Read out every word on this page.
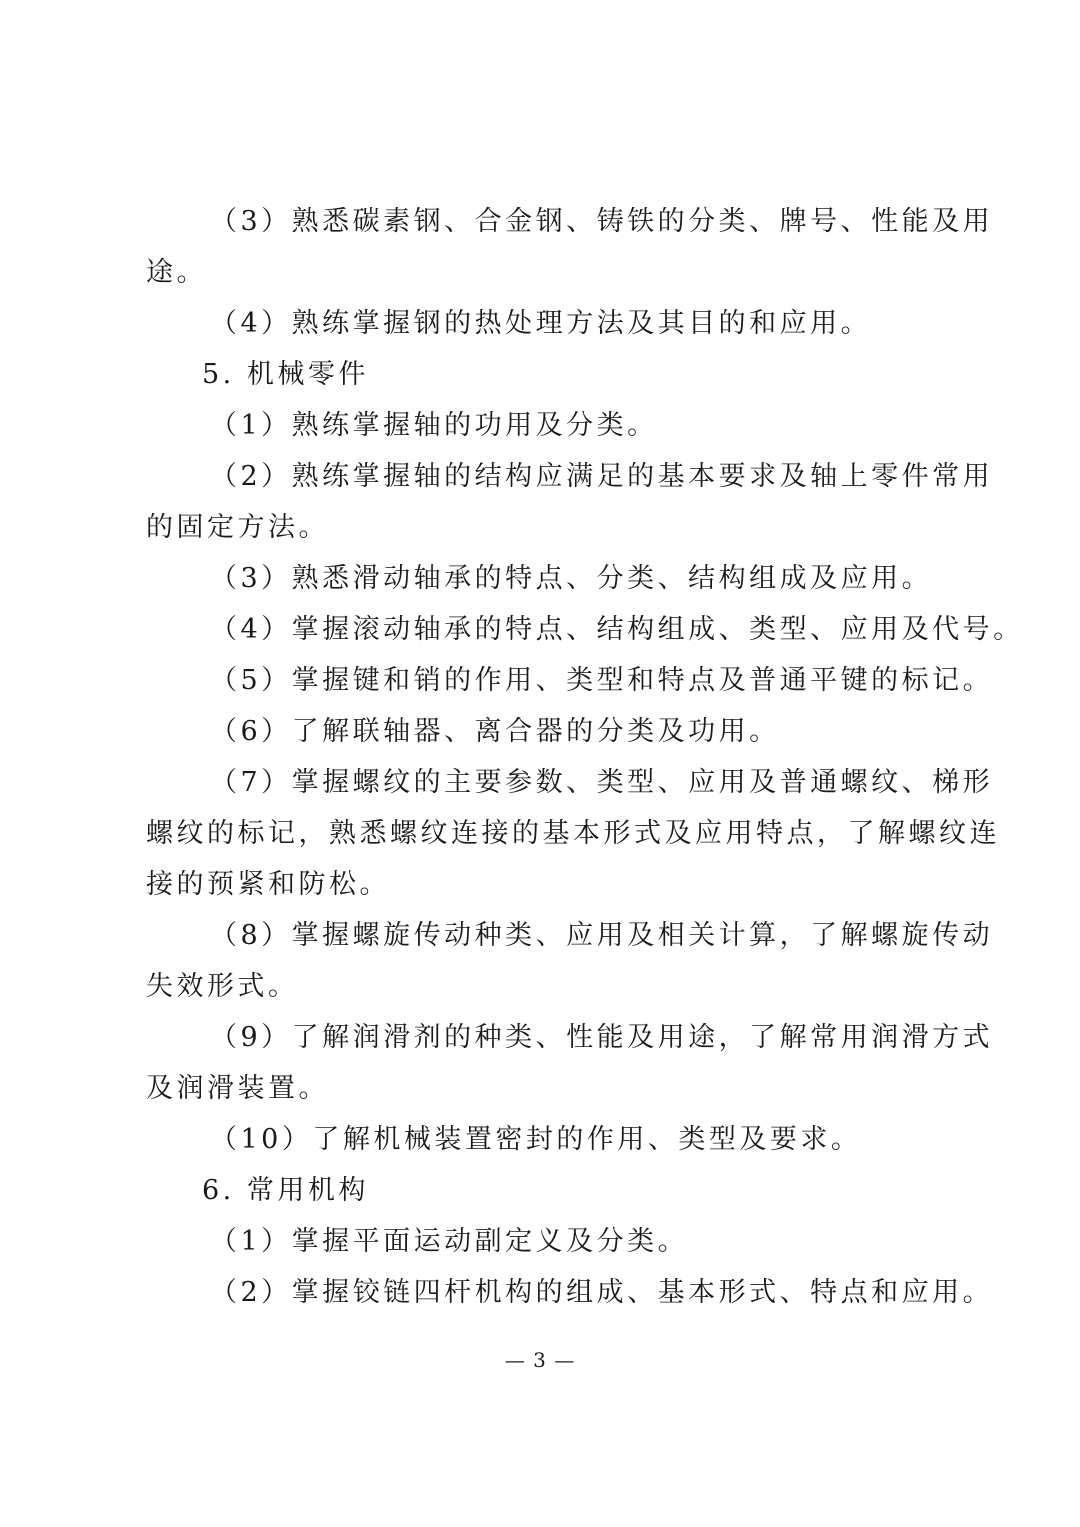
（3）熟悉碳素钢、合金钢、铸铁的分类、牌号、性能及用
途。
（4）熟练掌握钢的热处理方法及其目的和应用。
5. 机械零件
（1）熟练掌握轴的功用及分类。
（2）熟练掌握轴的结构应满足的基本要求及轴上零件常用
的固定方法。
（3）熟悉滑动轴承的特点、分类、结构组成及应用。
（4）掌握滚动轴承的特点、结构组成、类型、应用及代号。
（5）掌握键和销的作用、类型和特点及普通平键的标记。
（6）了解联轴器、离合器的分类及功用。
（7）掌握螺纹的主要参数、类型、应用及普通螺纹、梯形
螺纹的标记，熟悉螺纹连接的基本形式及应用特点，了解螺纹连
接的预紧和防松。
（8）掌握螺旋传动种类、应用及相关计算，了解螺旋传动
失效形式。
（9）了解润滑剂的种类、性能及用途，了解常用润滑方式
及润滑装置。
（10）了解机械装置密封的作用、类型及要求。
6. 常用机构
（1）掌握平面运动副定义及分类。
（2）掌握铰链四杆机构的组成、基本形式、特点和应用。
— 3 —
